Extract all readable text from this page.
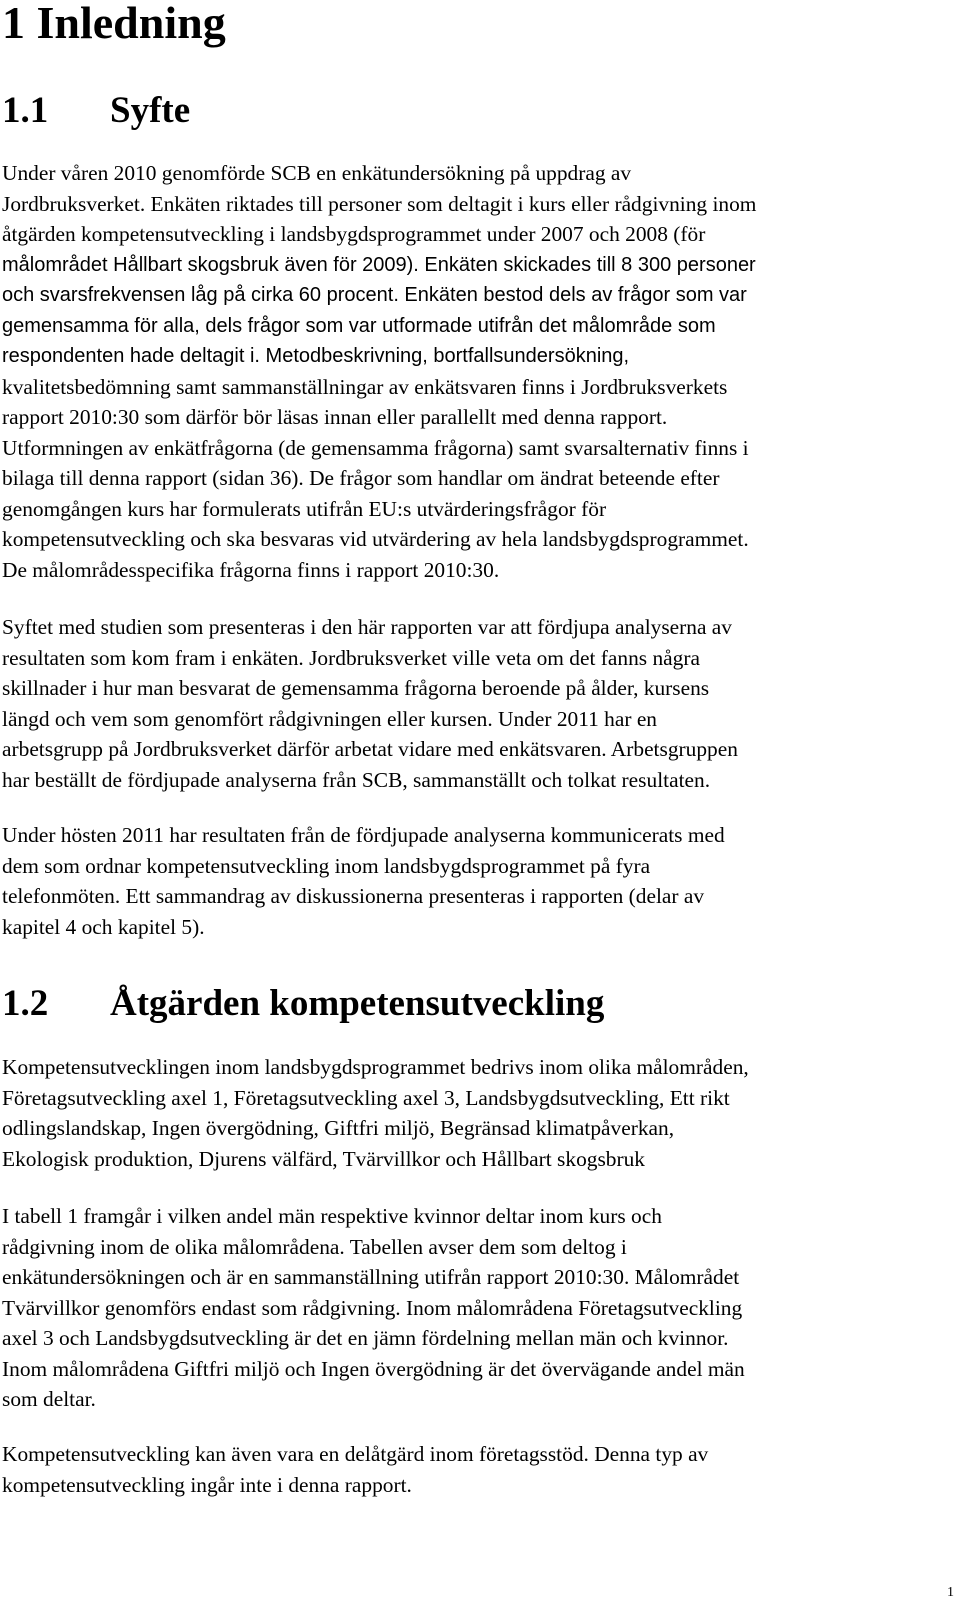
1 Inledning
1.1 Syfte
Under våren 2010 genomförde SCB en enkätundersökning på uppdrag av
Jordbruksverket. Enkäten riktades till personer som deltagit i kurs eller rådgivning inom
åtgärden kompetensutveckling i landsbygdsprogrammet under 2007 och 2008 (för
målområdet Hållbart skogsbruk även för 2009). Enkäten skickades till 8 300 personer
och svarsfrekvensen låg på cirka 60 procent. Enkäten bestod dels av frågor som var
gemensamma för alla, dels frågor som var utformade utifrån det målområde som
respondenten hade deltagit i. Metodbeskrivning, bortfallsundersökning,
kvalitetsbedömning samt sammanställningar av enkätsvaren finns i Jordbruksverkets
rapport 2010:30 som därför bör läsas innan eller parallellt med denna rapport.
Utformningen av enkätfrågorna (de gemensamma frågorna) samt svarsalternativ finns i
bilaga till denna rapport (sidan 36). De frågor som handlar om ändrat beteende efter
genomgången kurs har formulerats utifrån EU:s utvärderingsfrågor för
kompetensutveckling och ska besvaras vid utvärdering av hela landsbygdsprogrammet.
De målområdesspecifika frågorna finns i rapport 2010:30.
Syftet med studien som presenteras i den här rapporten var att fördjupa analyserna av
resultaten som kom fram i enkäten. Jordbruksverket ville veta om det fanns några
skillnader i hur man besvarat de gemensamma frågorna beroende på ålder, kursens
längd och vem som genomfört rådgivningen eller kursen. Under 2011 har en
arbetsgrupp på Jordbruksverket därför arbetat vidare med enkätsvaren. Arbetsgruppen
har beställt de fördjupade analyserna från SCB, sammanställt och tolkat resultaten.
Under hösten 2011 har resultaten från de fördjupade analyserna kommunicerats med
dem som ordnar kompetensutveckling inom landsbygdsprogrammet på fyra
telefonmöten. Ett sammandrag av diskussionerna presenteras i rapporten (delar av
kapitel 4 och kapitel 5).
1.2 Åtgärden kompetensutveckling
Kompetensutvecklingen inom landsbygdsprogrammet bedrivs inom olika målområden,
Företagsutveckling axel 1, Företagsutveckling axel 3, Landsbygdsutveckling, Ett rikt
odlingslandskap, Ingen övergödning, Giftfri miljö, Begränsad klimatpåverkan,
Ekologisk produktion, Djurens välfärd, Tvärvillkor och Hållbart skogsbruk
I tabell 1 framgår i vilken andel män respektive kvinnor deltar inom kurs och
rådgivning inom de olika målområdena. Tabellen avser dem som deltog i
enkätundersökningen och är en sammanställning utifrån rapport 2010:30. Målområdet
Tvärvillkor genomförs endast som rådgivning. Inom målområdena Företagsutveckling
axel 3 och Landsbygdsutveckling är det en jämn fördelning mellan män och kvinnor.
Inom målområdena Giftfri miljö och Ingen övergödning är det övervägande andel män
som deltar.
Kompetensutveckling kan även vara en delåtgärd inom företagsstöd. Denna typ av
kompetensutveckling ingår inte i denna rapport.
1
